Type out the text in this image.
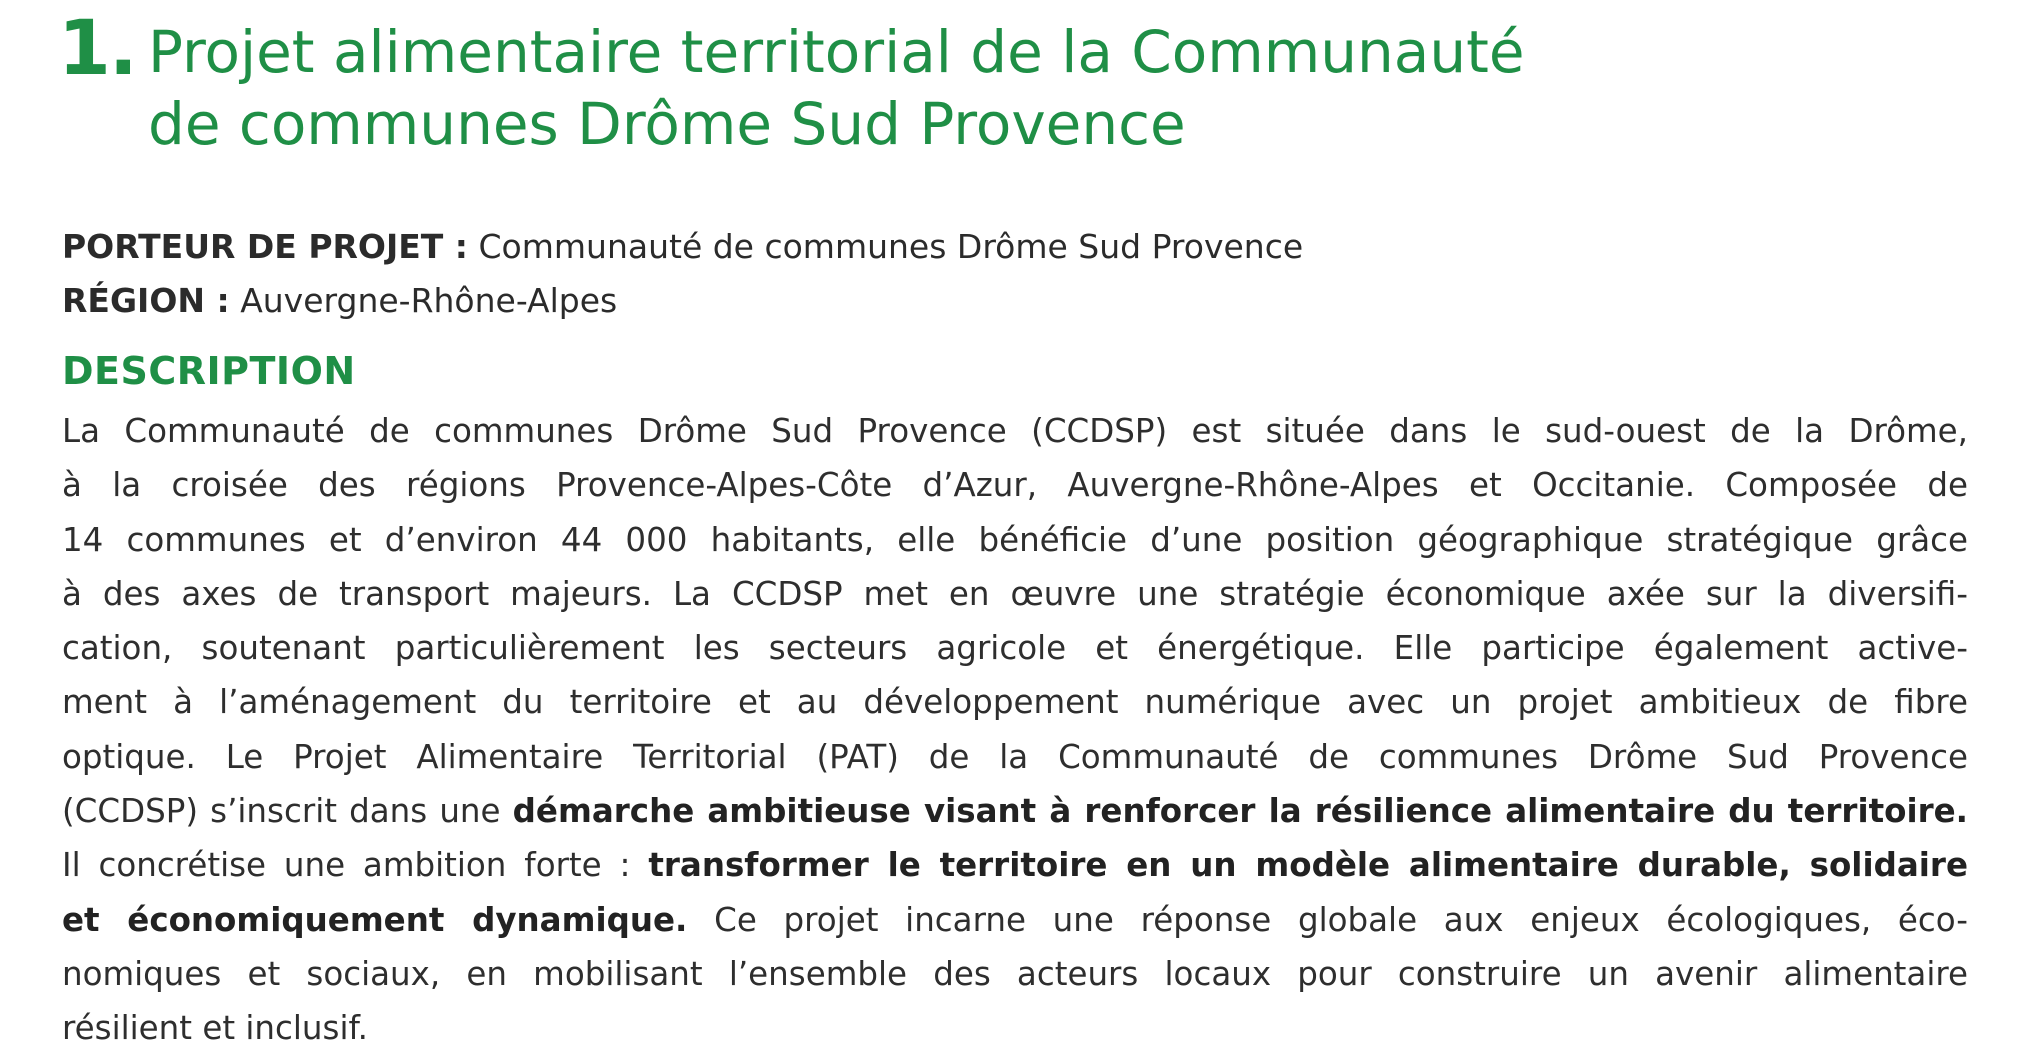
1. Projet alimentaire territorial de la Communauté
de communes Drôme Sud Provence
PORTEUR DE PROJET : Communauté de communes Drôme Sud Provence
RÉGION : Auvergne-Rhône-Alpes
DESCRIPTION
La Communauté de communes Drôme Sud Provence (CCDSP) est située dans le sud-ouest de la Drôme,
à la croisée des régions Provence-Alpes-Côte d’Azur, Auvergne-Rhône-Alpes et Occitanie. Composée de
14 communes et d’environ 44 000 habitants, elle bénéficie d’une position géographique stratégique grâce
à des axes de transport majeurs. La CCDSP met en œuvre une stratégie économique axée sur la diversifi-
cation, soutenant particulièrement les secteurs agricole et énergétique. Elle participe également active-
ment à l’aménagement du territoire et au développement numérique avec un projet ambitieux de fibre
optique. Le Projet Alimentaire Territorial (PAT) de la Communauté de communes Drôme Sud Provence
(CCDSP) s’inscrit dans une démarche ambitieuse visant à renforcer la résilience alimentaire du territoire.
Il concrétise une ambition forte : transformer le territoire en un modèle alimentaire durable, solidaire
et économiquement dynamique. Ce projet incarne une réponse globale aux enjeux écologiques, éco-
nomiques et sociaux, en mobilisant l’ensemble des acteurs locaux pour construire un avenir alimentaire
résilient et inclusif.
